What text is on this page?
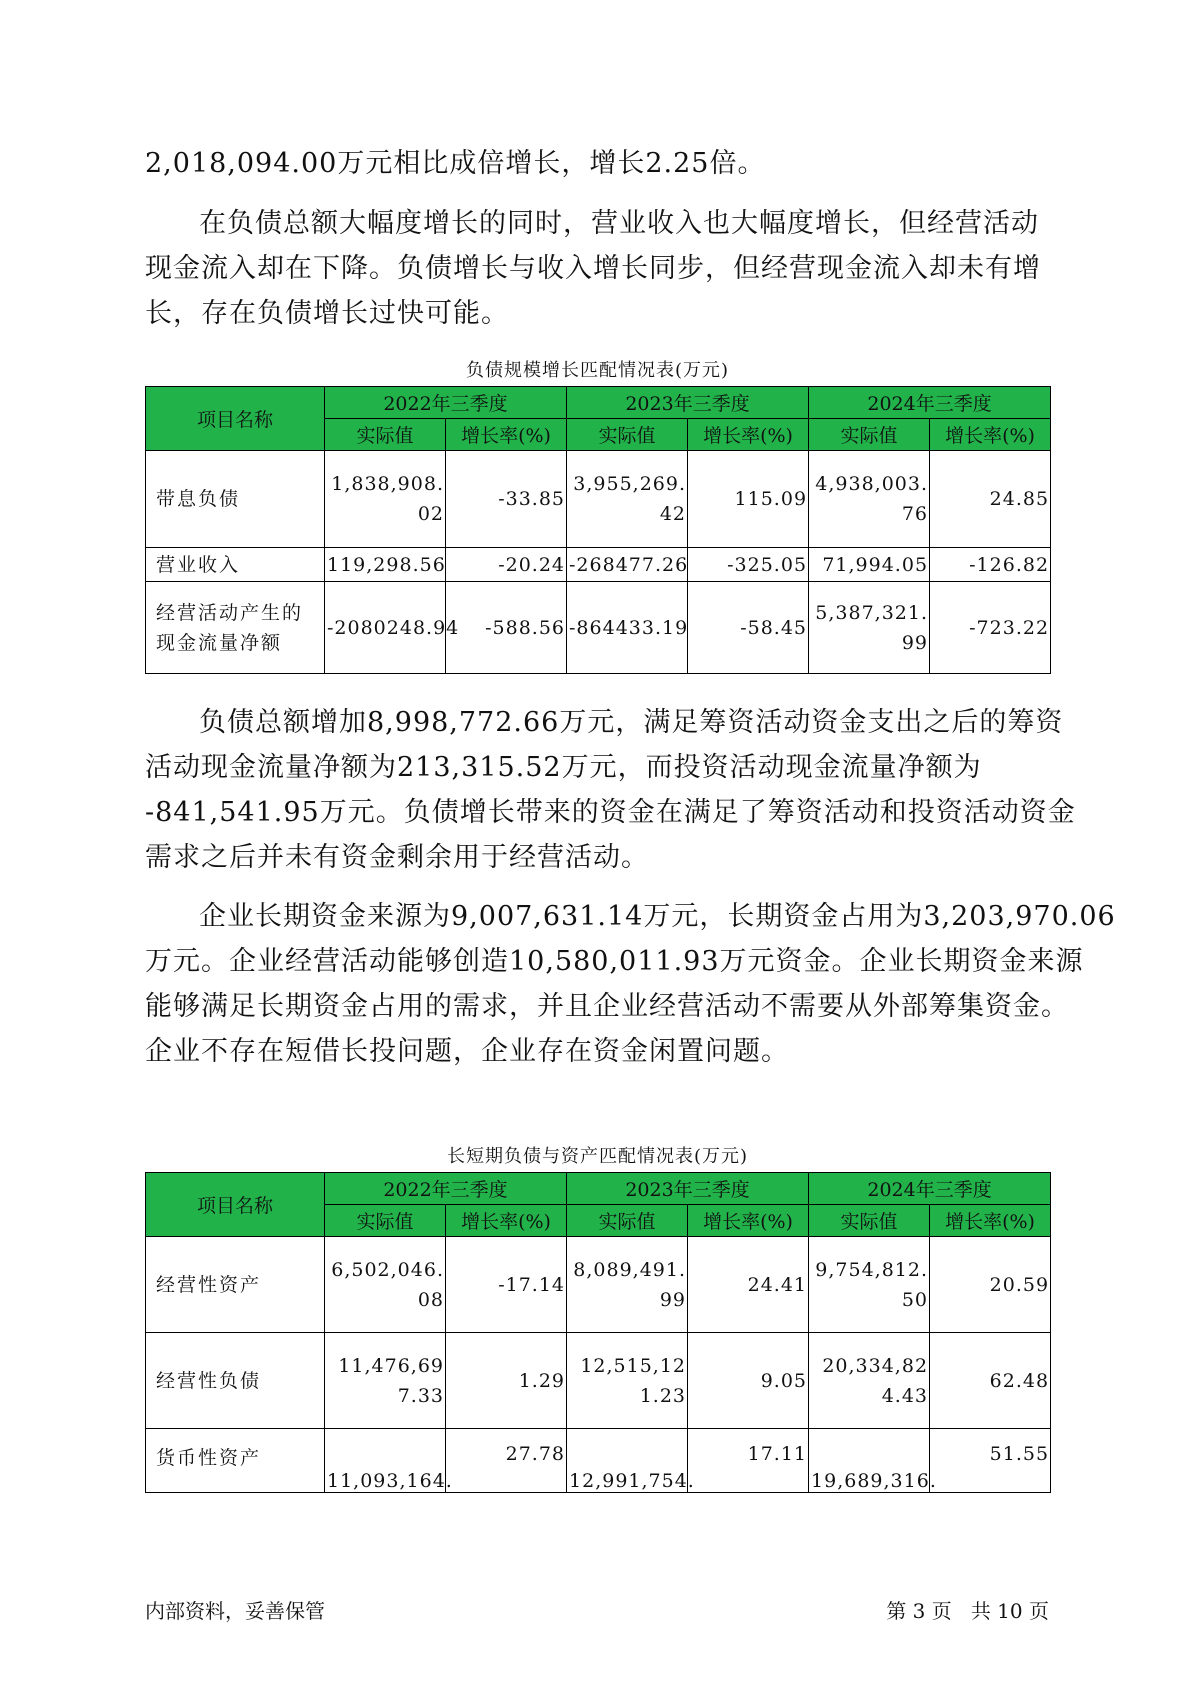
2,018,094.00万元相比成倍增长，增长2.25倍。

在负债总额大幅度增长的同时，营业收入也大幅度增长，但经营活动
现金流入却在下降。负债增长与收入增长同步，但经营现金流入却未有增
长，存在负债增长过快可能。

负债规模增长匹配情况表(万元)
项目名称	2022年三季度		2023年三季度		2024年三季度	
	实际值	增长率(%)	实际值	增长率(%)	实际值	增长率(%)
带息负债	1,838,908.02	-33.85	3,955,269.42	115.09	4,938,003.76	24.85
营业收入	119,298.56	-20.24	-268477.26	-325.05	71,994.05	-126.82
经营活动产生的现金流量净额	-2080248.94	-588.56	-864433.19	-58.45	5,387,321.99	-723.22

负债总额增加8,998,772.66万元，满足筹资活动资金支出之后的筹资
活动现金流量净额为213,315.52万元，而投资活动现金流量净额为
-841,541.95万元。负债增长带来的资金在满足了筹资活动和投资活动资金
需求之后并未有资金剩余用于经营活动。

企业长期资金来源为9,007,631.14万元，长期资金占用为3,203,970.06
万元。企业经营活动能够创造10,580,011.93万元资金。企业长期资金来源
能够满足长期资金占用的需求，并且企业经营活动不需要从外部筹集资金。
企业不存在短借长投问题，企业存在资金闲置问题。

长短期负债与资产匹配情况表(万元)
项目名称	2022年三季度		2023年三季度		2024年三季度	
	实际值	增长率(%)	实际值	增长率(%)	实际值	增长率(%)
经营性资产	6,502,046.08	-17.14	8,089,491.99	24.41	9,754,812.50	20.59
经营性负债	11,476,697.33	1.29	12,515,121.23	9.05	20,334,824.43	62.48
货币性资产	11,093,164.	27.78	12,991,754.	17.11	19,689,316.	51.55
内部资料，妥善保管	第 3 页   共 10 页
